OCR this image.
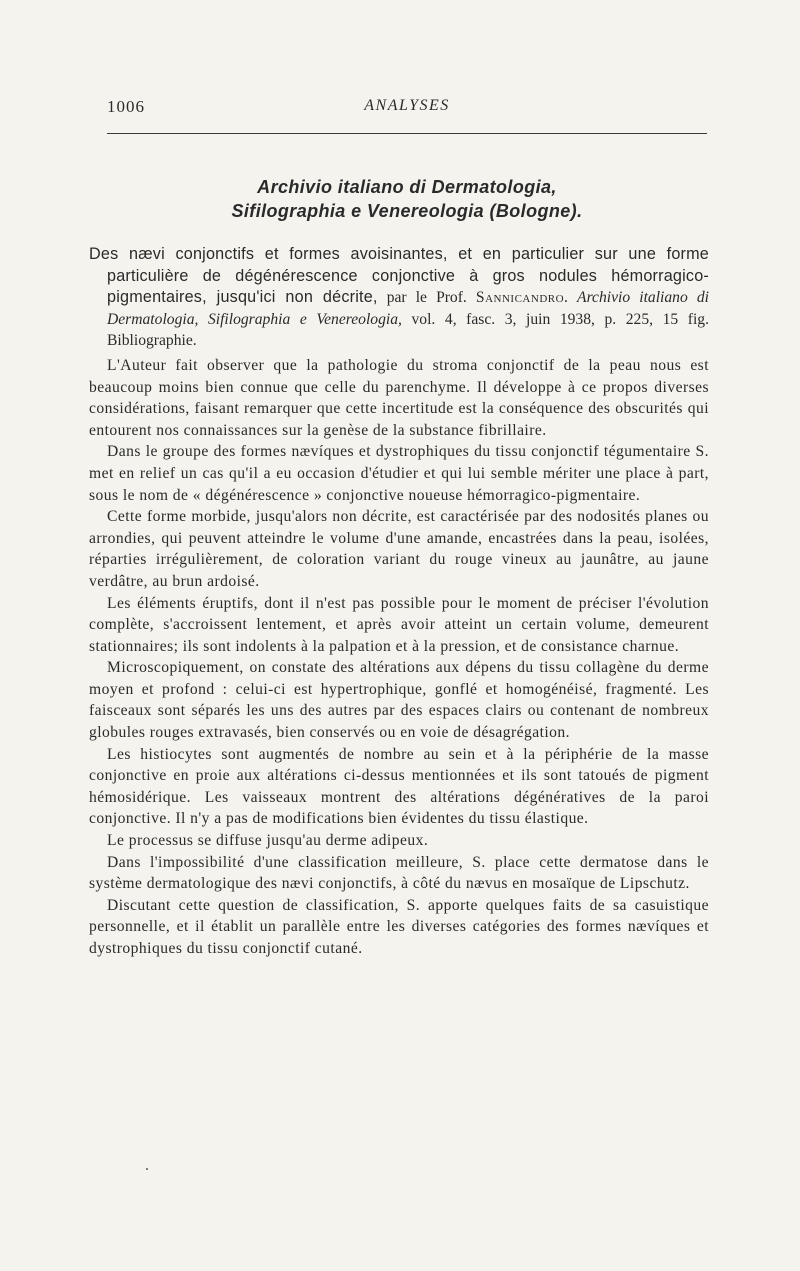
1006	ANALYSES
Archivio italiano di Dermatologia,
Sifilographia e Venereologia (Bologne).

Des nævi conjonctifs et formes avoisinantes, et en particulier sur une forme particulière de dégénérescence conjonctive à gros nodules hémorragico-pigmentaires, jusqu'ici non décrite, par le Prof. Sannicandro. Archivio italiano di Dermatologia, Sifilographia e Venereologia, vol. 4, fasc. 3, juin 1938, p. 225, 15 fig. Bibliographie.

L'Auteur fait observer que la pathologie du stroma conjonctif de la peau nous est beaucoup moins bien connue que celle du parenchyme. Il développe à ce propos diverses considérations, faisant remarquer que cette incertitude est la conséquence des obscurités qui entourent nos connaissances sur la genèse de la substance fibrillaire.

Dans le groupe des formes nævíques et dystrophiques du tissu conjonctif tégumentaire S. met en relief un cas qu'il a eu occasion d'étudier et qui lui semble mériter une place à part, sous le nom de « dégénérescence » conjonctive noueuse hémorragico-pigmentaire.

Cette forme morbide, jusqu'alors non décrite, est caractérisée par des nodosités planes ou arrondies, qui peuvent atteindre le volume d'une amande, encastrées dans la peau, isolées, réparties irrégulièrement, de coloration variant du rouge vineux au jaunâtre, au jaune verdâtre, au brun ardoisé.

Les éléments éruptifs, dont il n'est pas possible pour le moment de préciser l'évolution complète, s'accroissent lentement, et après avoir atteint un certain volume, demeurent stationnaires; ils sont indolents à la palpation et à la pression, et de consistance charnue.

Microscopiquement, on constate des altérations aux dépens du tissu collagène du derme moyen et profond : celui-ci est hypertrophique, gonflé et homogénéisé, fragmenté. Les faisceaux sont séparés les uns des autres par des espaces clairs ou contenant de nombreux globules rouges extravasés, bien conservés ou en voie de désagrégation.

Les histiocytes sont augmentés de nombre au sein et à la périphérie de la masse conjonctive en proie aux altérations ci-dessus mentionnées et ils sont tatoués de pigment hémosidérique. Les vaisseaux montrent des altérations dégénératives de la paroi conjonctive. Il n'y a pas de modifications bien évidentes du tissu élastique.

Le processus se diffuse jusqu'au derme adipeux.

Dans l'impossibilité d'une classification meilleure, S. place cette dermatose dans le système dermatologique des nævi conjonctifs, à côté du nævus en mosaïque de Lipschutz.

Discutant cette question de classification, S. apporte quelques faits de sa casuistique personnelle, et il établit un parallèle entre les diverses catégories des formes nævíques et dystrophiques du tissu conjonctif cutané.
